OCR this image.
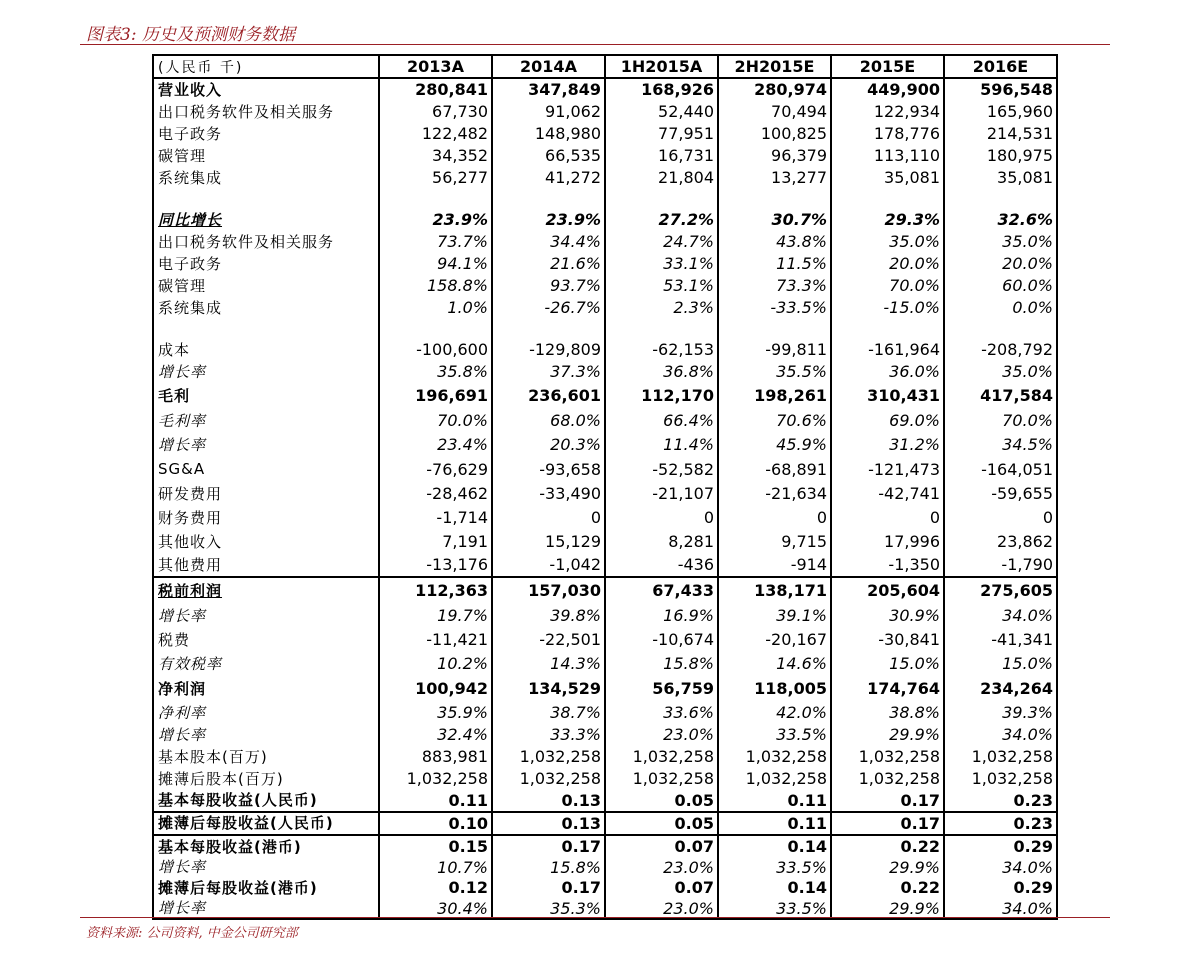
图表3: 历史及预测财务数据
(人民币 千)	2013A	2014A	1H2015A	2H2015E	2015E	2016E
营业收入	280,841	347,849	168,926	280,974	449,900	596,548
出口税务软件及相关服务	67,730	91,062	52,440	70,494	122,934	165,960
电子政务	122,482	148,980	77,951	100,825	178,776	214,531
碳管理	34,352	66,535	16,731	96,379	113,110	180,975
系统集成	56,277	41,272	21,804	13,277	35,081	35,081

同比增长	23.9%	23.9%	27.2%	30.7%	29.3%	32.6%
出口税务软件及相关服务	73.7%	34.4%	24.7%	43.8%	35.0%	35.0%
电子政务	94.1%	21.6%	33.1%	11.5%	20.0%	20.0%
碳管理	158.8%	93.7%	53.1%	73.3%	70.0%	60.0%
系统集成	1.0%	-26.7%	2.3%	-33.5%	-15.0%	0.0%

成本	-100,600	-129,809	-62,153	-99,811	-161,964	-208,792
增长率	35.8%	37.3%	36.8%	35.5%	36.0%	35.0%
毛利	196,691	236,601	112,170	198,261	310,431	417,584
毛利率	70.0%	68.0%	66.4%	70.6%	69.0%	70.0%
增长率	23.4%	20.3%	11.4%	45.9%	31.2%	34.5%
SG&A	-76,629	-93,658	-52,582	-68,891	-121,473	-164,051
研发费用	-28,462	-33,490	-21,107	-21,634	-42,741	-59,655
财务费用	-1,714	0	0	0	0	0
其他收入	7,191	15,129	8,281	9,715	17,996	23,862
其他费用	-13,176	-1,042	-436	-914	-1,350	-1,790
税前利润	112,363	157,030	67,433	138,171	205,604	275,605
增长率	19.7%	39.8%	16.9%	39.1%	30.9%	34.0%
税费	-11,421	-22,501	-10,674	-20,167	-30,841	-41,341
有效税率	10.2%	14.3%	15.8%	14.6%	15.0%	15.0%
净利润	100,942	134,529	56,759	118,005	174,764	234,264
净利率	35.9%	38.7%	33.6%	42.0%	38.8%	39.3%
增长率	32.4%	33.3%	23.0%	33.5%	29.9%	34.0%
基本股本(百万)	883,981	1,032,258	1,032,258	1,032,258	1,032,258	1,032,258
摊薄后股本(百万)	1,032,258	1,032,258	1,032,258	1,032,258	1,032,258	1,032,258
基本每股收益(人民币)	0.11	0.13	0.05	0.11	0.17	0.23
摊薄后每股收益(人民币)	0.10	0.13	0.05	0.11	0.17	0.23
基本每股收益(港币)	0.15	0.17	0.07	0.14	0.22	0.29
增长率	10.7%	15.8%	23.0%	33.5%	29.9%	34.0%
摊薄后每股收益(港币)	0.12	0.17	0.07	0.14	0.22	0.29
增长率	30.4%	35.3%	23.0%	33.5%	29.9%	34.0%
资料来源: 公司资料, 中金公司研究部
